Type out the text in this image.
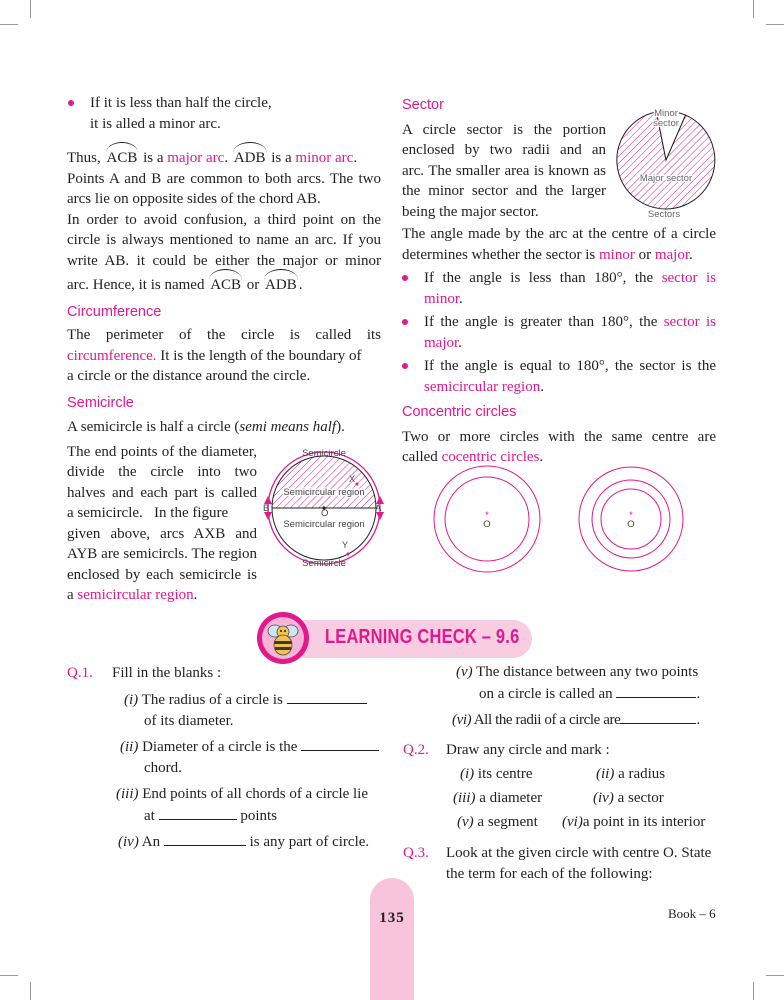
If it is less than half the circle,
it is alled a minor arc.
Thus, ACB is a major arc. ADB is a minor arc.
Points A and B are common to both arcs. The two
arcs lie on opposite sides of the chord AB.
In order to avoid confusion, a third point on the
circle is always mentioned to name an arc. If you
write AB. it could be either the major or minor
arc. Hence, it is named ACB or ADB .
Circumference
The perimeter of the circle is called its
circumference. It is the length of the boundary of
a circle or the distance around the circle.
Semicircle
A semicircle is half a circle (semi means half).
The end points of the diameter,
divide the circle into two
halves and each part is called
a semicircle.   In the figure
given above, arcs AXB and
AYB are semicircls. The region
enclosed by each semicircle is
a semicircular region.
Semicircle
Semicircular region
Semicircular region
Semicircle
B	A
O
X
Y
Sector
A circle sector is the portion
enclosed by two radii and an
arc. The smaller area is known as
the minor sector and the larger
being the major sector.
The angle made by the arc at the centre of a circle
determines whether the sector is minor or major.
If the angle is less than 180°, the sector is
minor.
If the angle is greater than 180°, the sector is
major.
If the angle is equal to 180°, the sector is the
semicircular region.
Concentric circles
Two or more circles with the same centre are
called cocentric circles.
Minor
sector
Major sector
Sectors
*
O
*
O
LEARNING CHECK – 9.6
Q.1. Fill in the blanks :
(i) The radius of a circle is
of its diameter.
(ii) Diameter of a circle is the
chord.
(iii) End points of all chords of a circle lie
at	points
(iv) An	is any part of circle.
(v) The distance between any two points
on a circle is called an	.
(vi) All the radii of a circle are	.
Q.2. Draw any circle and mark :
(i) its centre	(ii) a radius
(iii) a diameter	(iv) a sector
(v) a segment (vi)a point in its interior
Q.3. Look at the given circle with centre O. State
the term for each of the following:
135	Book – 6
